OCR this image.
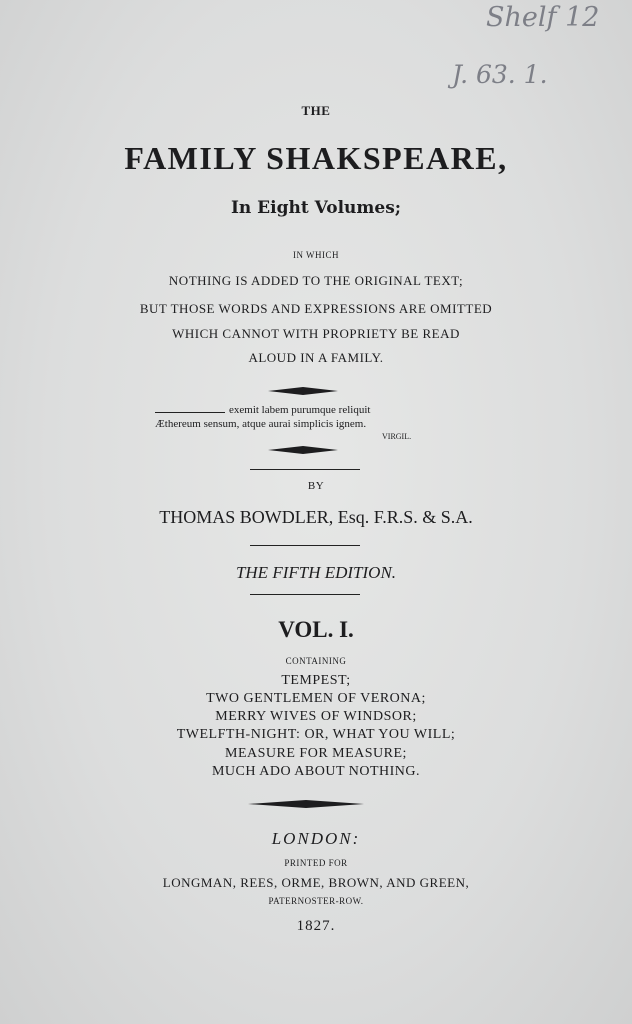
Shelf 12
J. 63. 1.
THE
FAMILY SHAKSPEARE,
In Eight Volumes;
IN WHICH
NOTHING IS ADDED TO THE ORIGINAL TEXT;
BUT THOSE WORDS AND EXPRESSIONS ARE OMITTED
WHICH CANNOT WITH PROPRIETY BE READ
ALOUD IN A FAMILY.
exemit labem purumque reliquit
Æthereum sensum, atque aurai simplicis ignem.
VIRGIL.
BY
THOMAS BOWDLER, Esq. F.R.S. & S.A.
THE FIFTH EDITION.
VOL. I.
CONTAINING
TEMPEST;
TWO GENTLEMEN OF VERONA;
MERRY WIVES OF WINDSOR;
TWELFTH-NIGHT: OR, WHAT YOU WILL;
MEASURE FOR MEASURE;
MUCH ADO ABOUT NOTHING.
LONDON:
PRINTED FOR
LONGMAN, REES, ORME, BROWN, AND GREEN,
PATERNOSTER-ROW.
1827.
